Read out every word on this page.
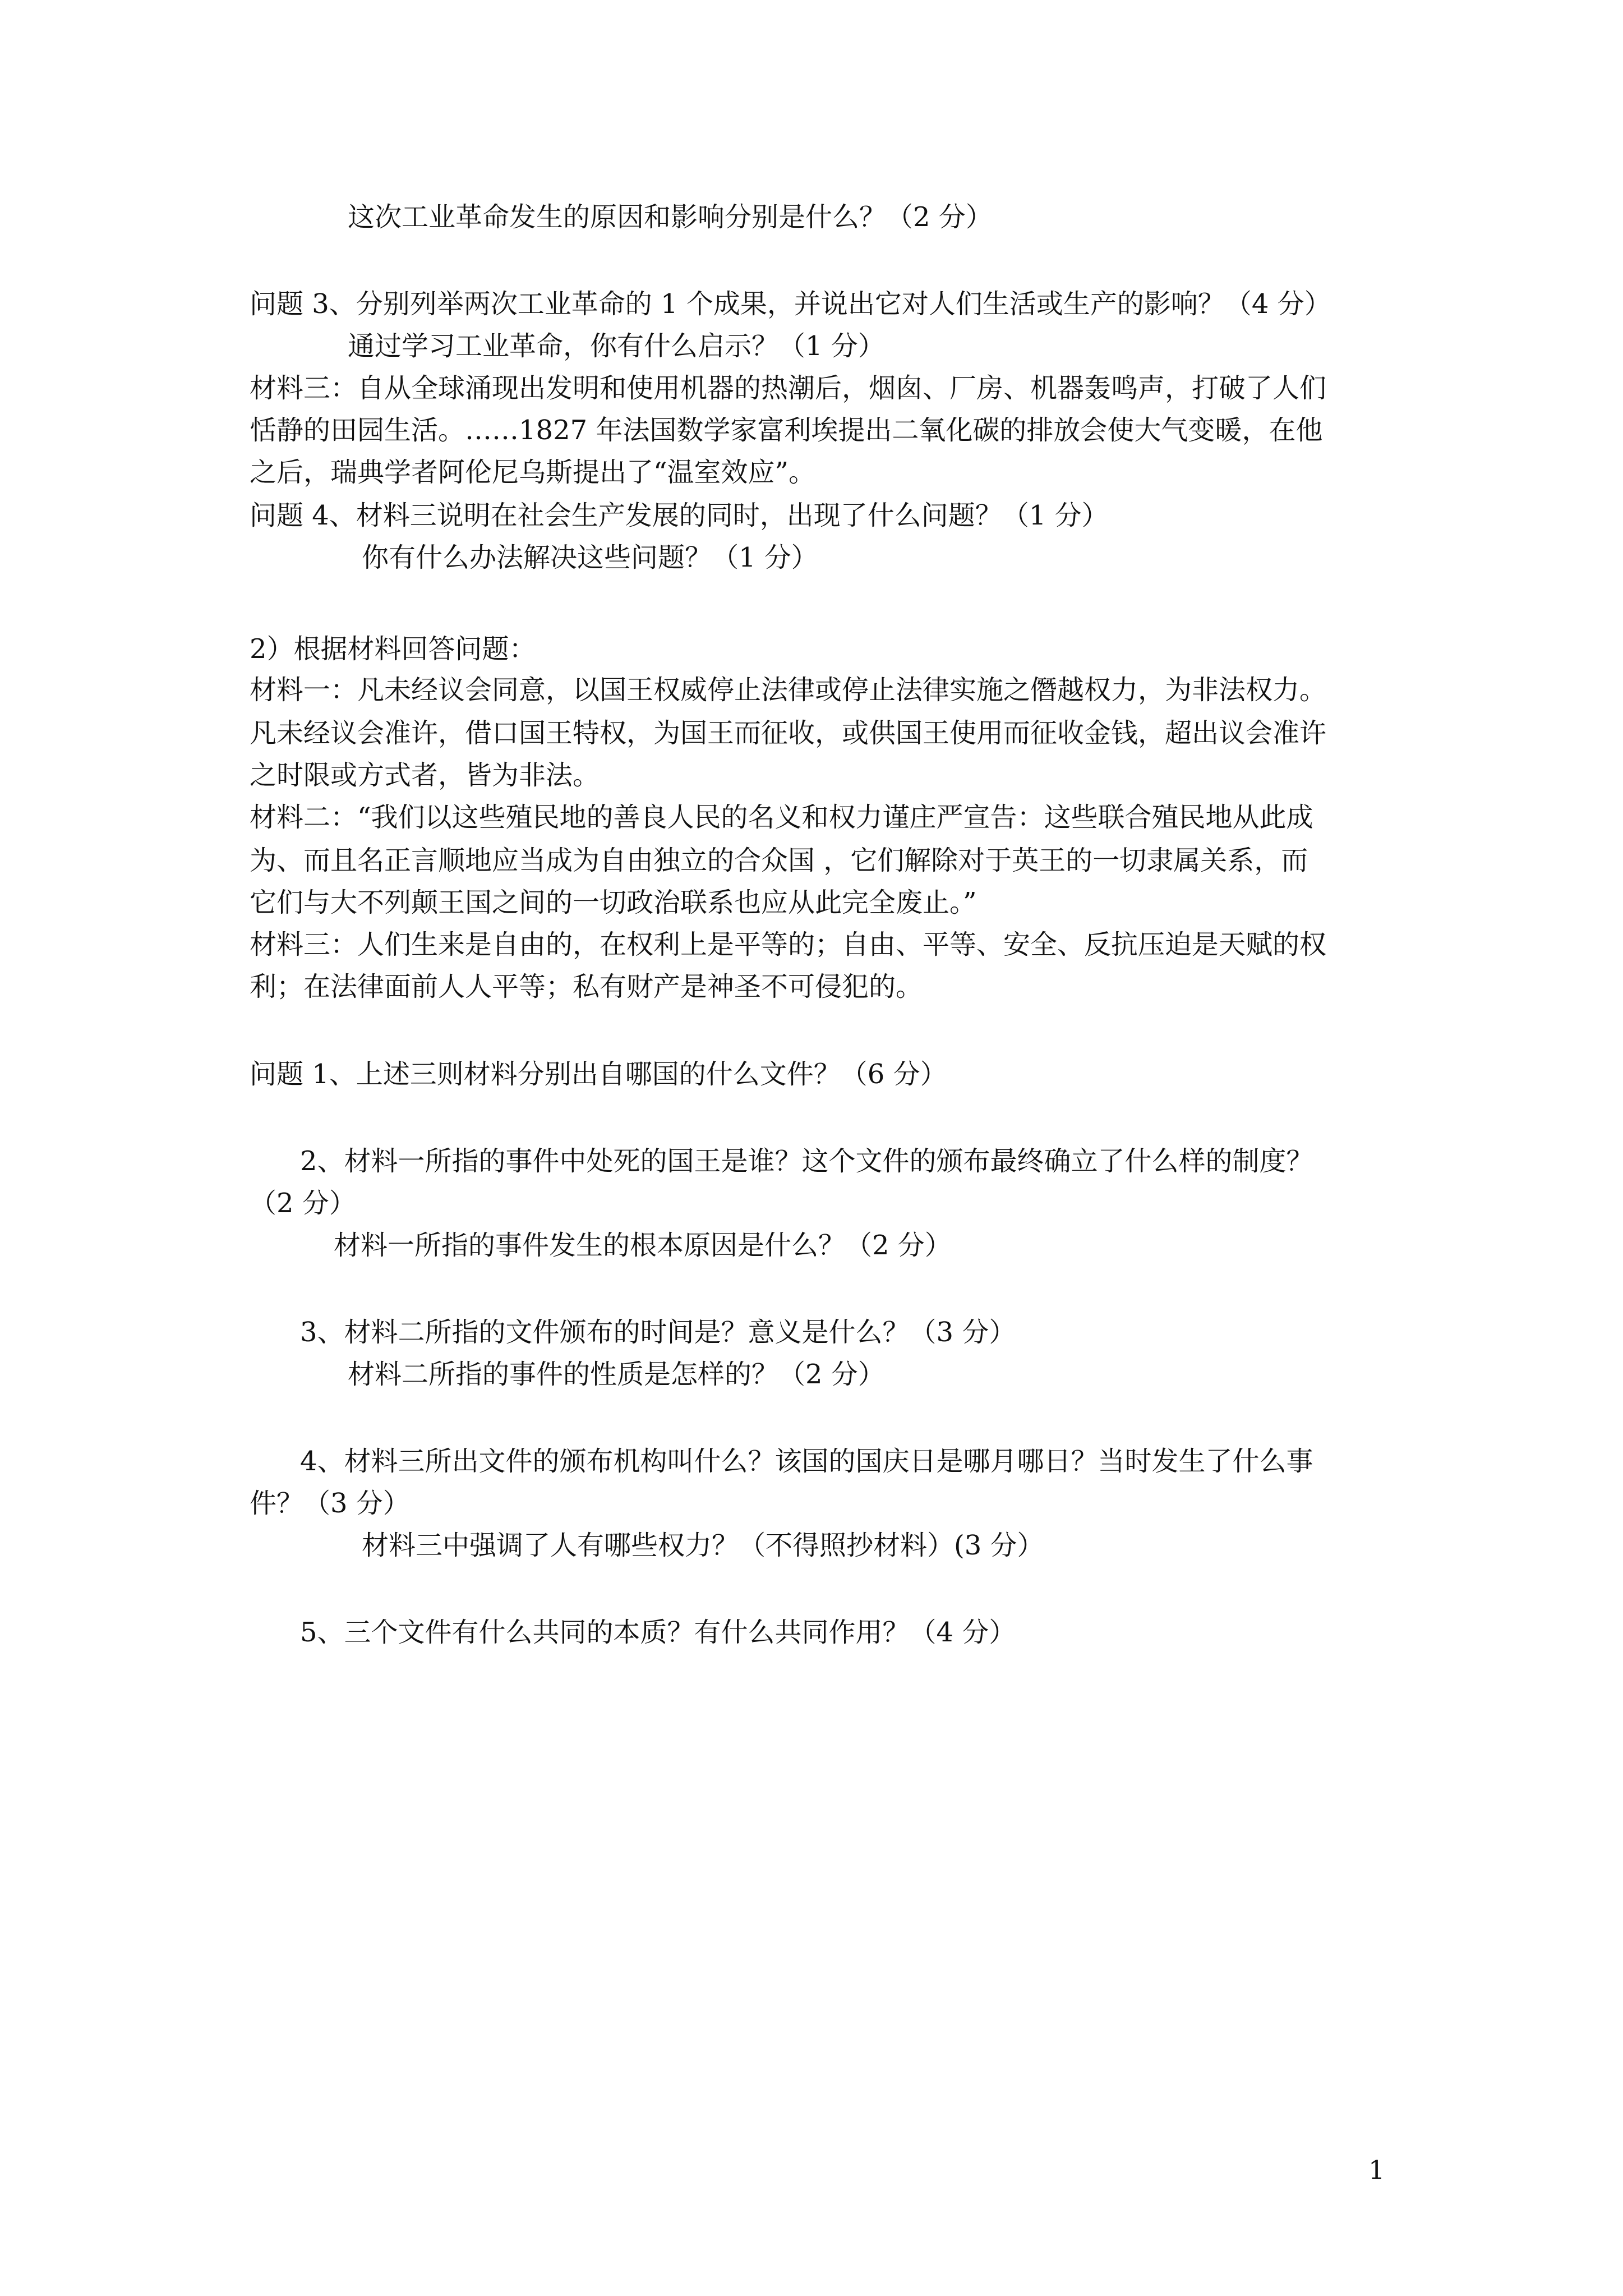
这次工业革命发生的原因和影响分别是什么？（2 分）
问题 3、分别列举两次工业革命的 1 个成果，并说出它对人们生活或生产的影响？（4 分）
通过学习工业革命，你有什么启示？（1 分）
材料三：自从全球涌现出发明和使用机器的热潮后，烟囱、厂房、机器轰鸣声，打破了人们
恬静的田园生活。……1827 年法国数学家富利埃提出二氧化碳的排放会使大气变暖，在他
之后，瑞典学者阿伦尼乌斯提出了“温室效应”。
问题 4、材料三说明在社会生产发展的同时，出现了什么问题？（1 分）
你有什么办法解决这些问题？（1 分）
2）根据材料回答问题：
材料一：凡未经议会同意，以国王权威停止法律或停止法律实施之僭越权力，为非法权力。
凡未经议会准许，借口国王特权，为国王而征收，或供国王使用而征收金钱，超出议会准许
之时限或方式者，皆为非法。
材料二：“我们以这些殖民地的善良人民的名义和权力谨庄严宣告：这些联合殖民地从此成
为、而且名正言顺地应当成为自由独立的合众国 ，它们解除对于英王的一切隶属关系，而
它们与大不列颠王国之间的一切政治联系也应从此完全废止。”
材料三：人们生来是自由的，在权利上是平等的；自由、平等、安全、反抗压迫是天赋的权
利；在法律面前人人平等；私有财产是神圣不可侵犯的。
问题 1、上述三则材料分别出自哪国的什么文件？（6 分）
2、材料一所指的事件中处死的国王是谁？这个文件的颁布最终确立了什么样的制度？
（2 分）
材料一所指的事件发生的根本原因是什么？（2 分）
3、材料二所指的文件颁布的时间是？意义是什么？（3 分）
材料二所指的事件的性质是怎样的？（2 分）
4、材料三所出文件的颁布机构叫什么？该国的国庆日是哪月哪日？当时发生了什么事
件？（3 分）
材料三中强调了人有哪些权力？（不得照抄材料）(3 分）
5、三个文件有什么共同的本质？有什么共同作用？（4 分）
1
